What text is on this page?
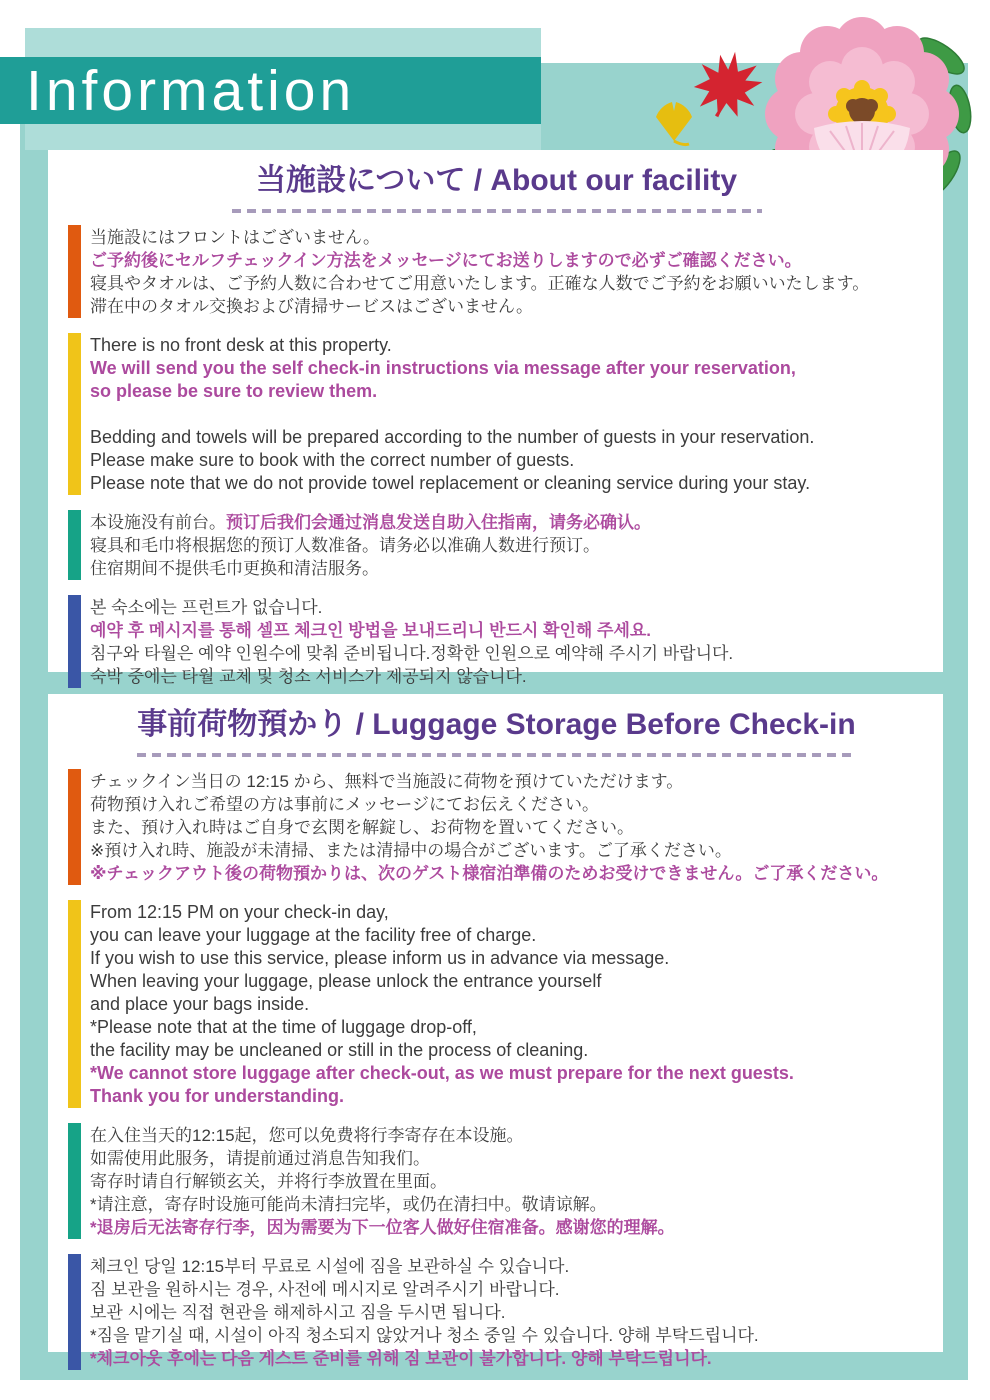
Information
当施設について / About our facility
当施設にはフロントはございません。
ご予約後にセルフチェックイン方法をメッセージにてお送りしますので必ずご確認ください。
寝具やタオルは、ご予約人数に合わせてご用意いたします。正確な人数でご予約をお願いいたします。
滞在中のタオル交換および清掃サービスはございません。
There is no front desk at this property.
We will send you the self check-in instructions via message after your reservation,
so please be sure to review them.

Bedding and towels will be prepared according to the number of guests in your reservation.
Please make sure to book with the correct number of guests.
Please note that we do not provide towel replacement or cleaning service during your stay.
本设施没有前台。预订后我们会通过消息发送自助入住指南，请务必确认。
寝具和毛巾将根据您的预订人数准备。请务必以准确人数进行预订。
住宿期间不提供毛巾更换和清洁服务。
본 숙소에는 프런트가 없습니다.
예약 후 메시지를 통해 셀프 체크인 방법을 보내드리니 반드시 확인해 주세요.
침구와 타월은 예약 인원수에 맞춰 준비됩니다.정확한 인원으로 예약해 주시기 바랍니다.
숙박 중에는 타월 교체 및 청소 서비스가 제공되지 않습니다.
事前荷物預かり / Luggage Storage Before Check-in
チェックイン当日の 12:15 から、無料で当施設に荷物を預けていただけます。
荷物預け入れご希望の方は事前にメッセージにてお伝えください。
また、預け入れ時はご自身で玄関を解錠し、お荷物を置いてください。
※預け入れ時、施設が未清掃、または清掃中の場合がございます。ご了承ください。
※チェックアウト後の荷物預かりは、次のゲスト様宿泊準備のためお受けできません。ご了承ください。
From 12:15 PM on your check-in day,
you can leave your luggage at the facility free of charge.
If you wish to use this service, please inform us in advance via message.
When leaving your luggage, please unlock the entrance yourself
and place your bags inside.
*Please note that at the time of luggage drop-off,
the facility may be uncleaned or still in the process of cleaning.
*We cannot store luggage after check-out, as we must prepare for the next guests.
Thank you for understanding.
在入住当天的12:15起，您可以免费将行李寄存在本设施。
如需使用此服务，请提前通过消息告知我们。
寄存时请自行解锁玄关，并将行李放置在里面。
*请注意，寄存时设施可能尚未清扫完毕，或仍在清扫中。敬请谅解。
*退房后无法寄存行李，因为需要为下一位客人做好住宿准备。感谢您的理解。
체크인 당일 12:15부터 무료로 시설에 짐을 보관하실 수 있습니다.
짐 보관을 원하시는 경우, 사전에 메시지로 알려주시기 바랍니다.
보관 시에는 직접 현관을 해제하시고 짐을 두시면 됩니다.
*짐을 맡기실 때, 시설이 아직 청소되지 않았거나 청소 중일 수 있습니다. 양해 부탁드립니다.
*체크아웃 후에는 다음 게스트 준비를 위해 짐 보관이 불가합니다. 양해 부탁드립니다.
